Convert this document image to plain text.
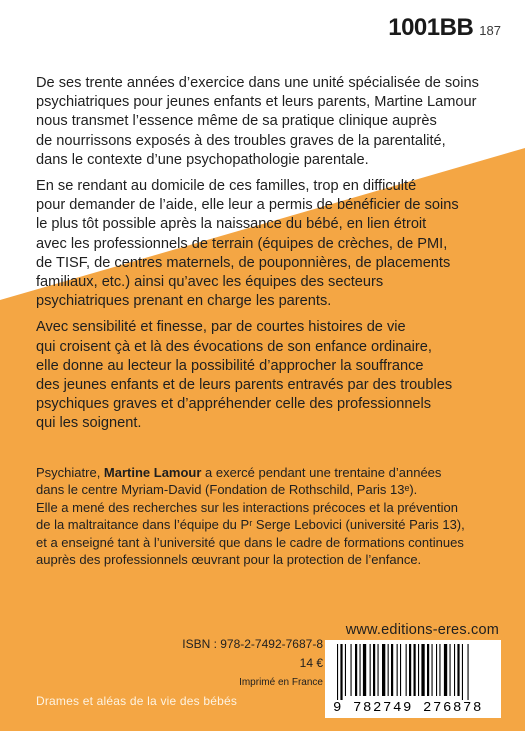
1001BB 187

De ses trente années d’exercice dans une unité spécialisée de soins
psychiatriques pour jeunes enfants et leurs parents, Martine Lamour
nous transmet l’essence même de sa pratique clinique auprès
de nourrissons exposés à des troubles graves de la parentalité,
dans le contexte d’une psychopathologie parentale.

En se rendant au domicile de ces familles, trop en difficulté
pour demander de l’aide, elle leur a permis de bénéficier de soins
le plus tôt possible après la naissance du bébé, en lien étroit
avec les professionnels de terrain (équipes de crèches, de PMI,
de TISF, de centres maternels, de pouponnières, de placements
familiaux, etc.) ainsi qu’avec les équipes des secteurs
psychiatriques prenant en charge les parents.

Avec sensibilité et finesse, par de courtes histoires de vie
qui croisent çà et là des évocations de son enfance ordinaire,
elle donne au lecteur la possibilité d’approcher la souffrance
des jeunes enfants et de leurs parents entravés par des troubles
psychiques graves et d’appréhender celle des professionnels
qui les soignent.

Psychiatre, Martine Lamour a exercé pendant une trentaine d’années

dans le centre Myriam-David (Fondation de Rothschild, Paris 13ᵉ).

Elle a mené des recherches sur les interactions précoces et la prévention

de la maltraitance dans l’équipe du Pʳ Serge Lebovici (université Paris 13),

et a enseigné tant à l’université que dans le cadre de formations continues

auprès des professionnels œuvrant pour la protection de l’enfance.

ISBN : 978-2-7492-7687-8
14 €
Imprimé en France
www.editions-eres.com
9 782749 276878
Drames et aléas de la vie des bébés
